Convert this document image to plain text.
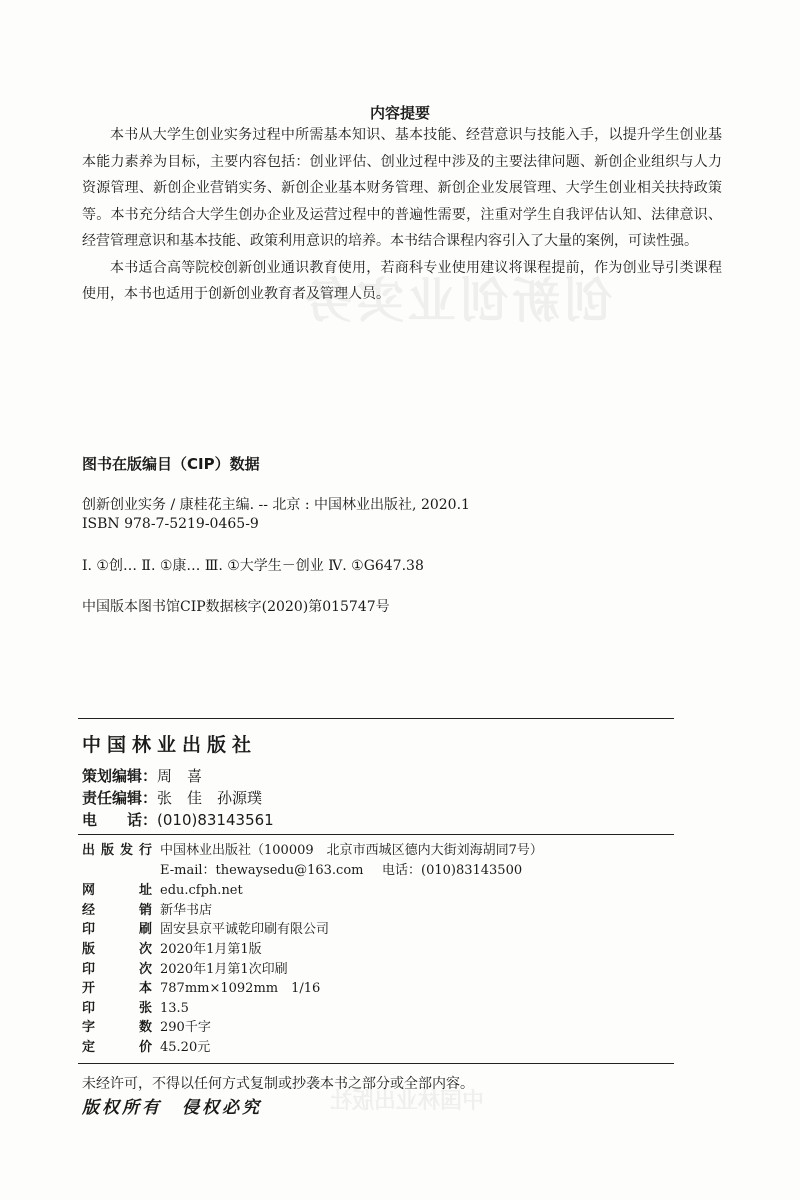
创新创业实务
中国林业出版社
内容提要

本书从大学生创业实务过程中所需基本知识、基本技能、经营意识与技能入手，以提升学生创业基本能力素养为目标，主要内容包括：创业评估、创业过程中涉及的主要法律问题、新创企业组织与人力资源管理、新创企业营销实务、新创企业基本财务管理、新创企业发展管理、大学生创业相关扶持政策等。本书充分结合大学生创办企业及运营过程中的普遍性需要，注重对学生自我评估认知、法律意识、经营管理意识和基本技能、政策利用意识的培养。本书结合课程内容引入了大量的案例，可读性强。

本书适合高等院校创新创业通识教育使用，若商科专业使用建议将课程提前，作为创业导引类课程使用，本书也适用于创新创业教育者及管理人员。

图书在版编目（CIP）数据
创新创业实务 / 康桂花主编. -- 北京 : 中国林业出版社, 2020.1
ISBN 978-7-5219-0465-9
Ⅰ. ①创… Ⅱ. ①康… Ⅲ. ①大学生－创业 Ⅳ. ①G647.38
中国版本图书馆CIP数据核字(2020)第015747号
中国林业出版社
策划编辑：周　喜
责任编辑：张　佳　孙源璞
电　　话：(010)83143561
出版发行 中国林业出版社（100009　北京市西城区德内大街刘海胡同7号）
E-mail：thewaysedu@163.com 电话：(010)83143500
网址 edu.cfph.net
经销 新华书店
印刷 固安县京平诚乾印刷有限公司
版次 2020年1月第1版
印次 2020年1月第1次印刷
开本 787mm×1092mm　1/16
印张 13.5
字数 290千字
定价 45.20元
未经许可，不得以任何方式复制或抄袭本书之部分或全部内容。
版权所有　侵权必究
